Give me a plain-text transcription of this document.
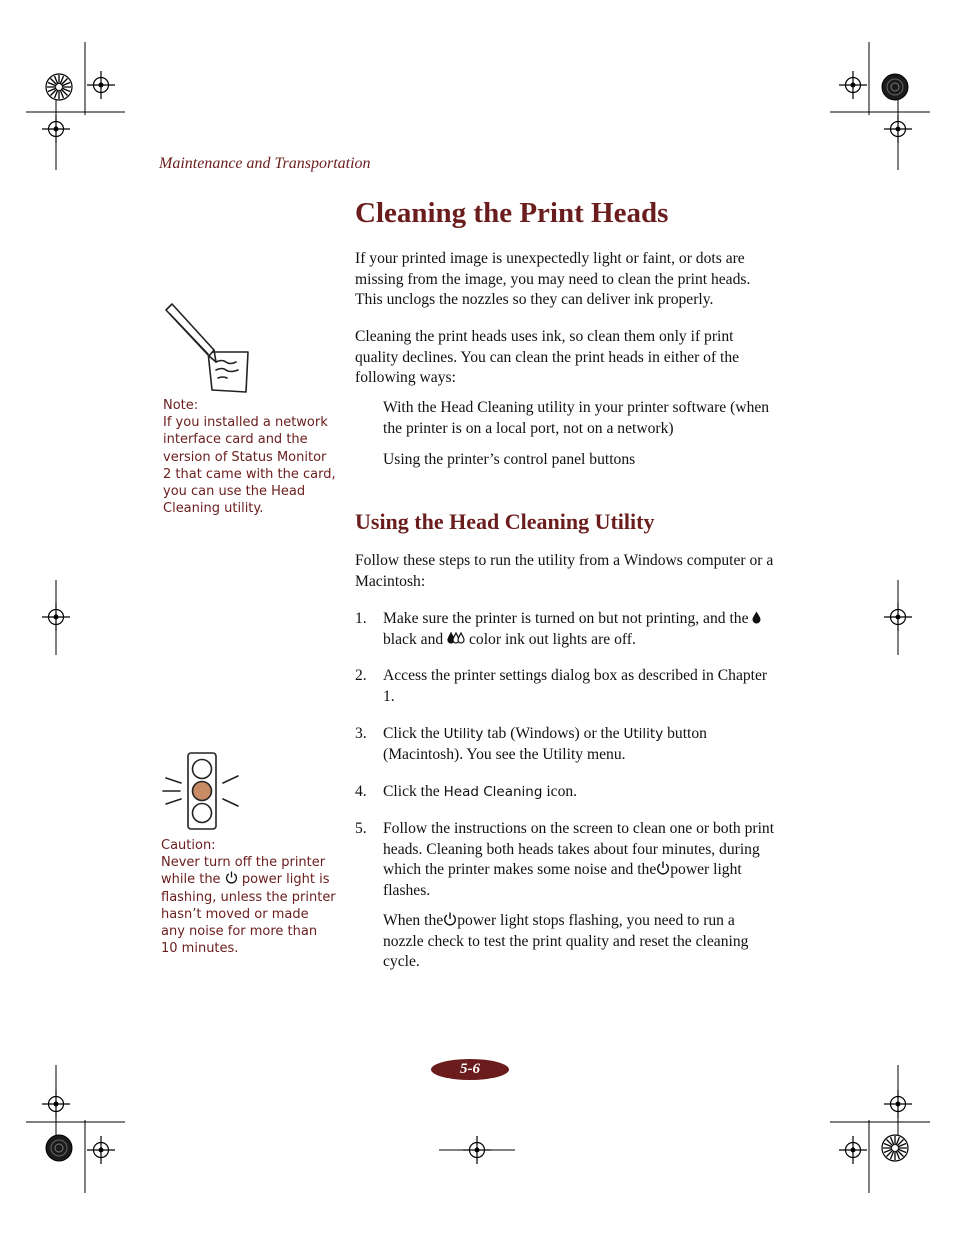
Maintenance and Transportation
Cleaning the Print Heads
If your printed image is unexpectedly light or faint, or dots are missing from the image, you may need to clean the print heads. This unclogs the nozzles so they can deliver ink properly.
Cleaning the print heads uses ink, so clean them only if print quality declines. You can clean the print heads in either of the following ways:
With the Head Cleaning utility in your printer software (when the printer is on a local port, not on a network)
Using the printer’s control panel buttons
Note:
If you installed a network interface card and the version of Status Monitor 2 that came with the card, you can use the Head Cleaning utility.
Using the Head Cleaning Utility
Follow these steps to run the utility from a Windows computer or a Macintosh:
1. Make sure the printer is turned on but not printing, and the  black and color ink out lights are off.
2. Access the printer settings dialog box as described in Chapter 1.
3. Click the Utility tab (Windows) or the Utility button (Macintosh). You see the Utility menu.
4. Click the Head Cleaning icon.
5. Follow the instructions on the screen to clean one or both print heads. Cleaning both heads takes about four minutes, during which the printer makes some noise and the power light flashes.
When the power light stops flashing, you need to run a nozzle check to test the print quality and reset the cleaning cycle.
Caution:
Never turn off the printer while the power light is flashing, unless the printer hasn’t moved or made any noise for more than 10 minutes.
5-6
